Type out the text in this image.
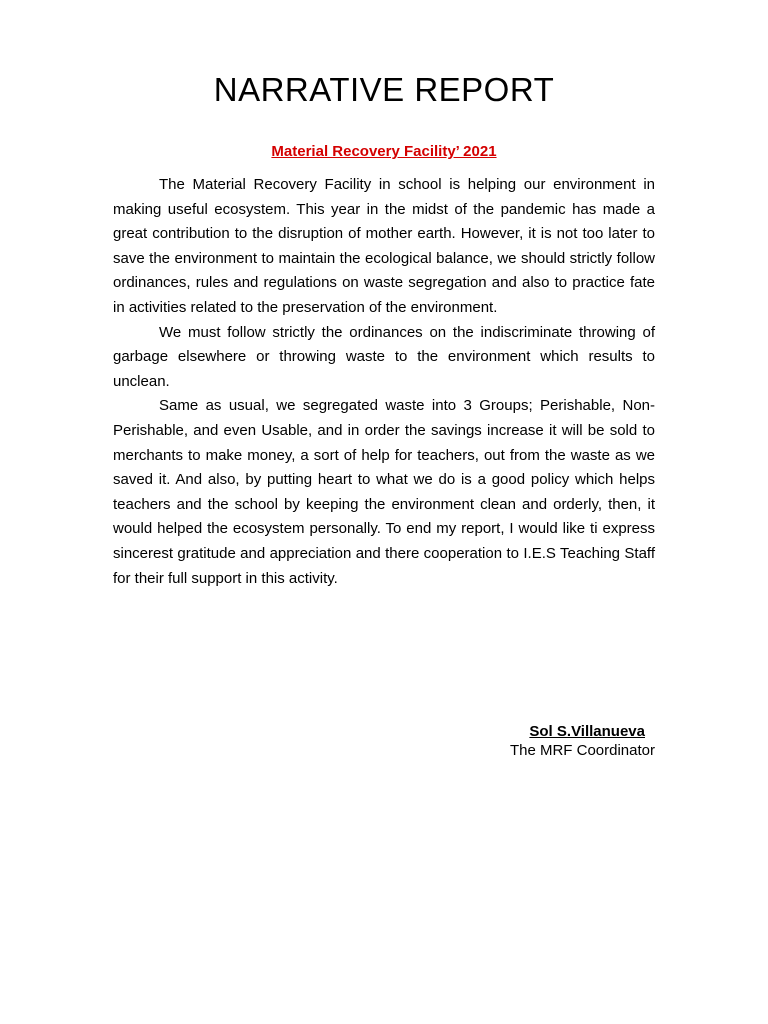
NARRATIVE REPORT
Material Recovery Facility’ 2021

The Material Recovery Facility in school is helping our environment in making useful ecosystem. This year in the midst of the pandemic has made a great contribution to the disruption of mother earth. However, it is not too later to save the environment to maintain the ecological balance, we should strictly follow ordinances, rules and regulations on waste segregation and also to practice fate in activities related to the preservation of the environment.

We must follow strictly the ordinances on the indiscriminate throwing of garbage elsewhere or throwing waste to the environment which results to unclean.

Same as usual, we segregated waste into 3 Groups; Perishable, Non-Perishable, and even Usable, and in order the savings increase it will be sold to merchants to make money, a sort of help for teachers, out from the waste as we saved it. And also, by putting heart to what we do is a good policy which helps teachers and the school by keeping the environment clean and orderly, then, it would helped the ecosystem personally. To end my report, I would like ti express sincerest gratitude and appreciation and there cooperation to I.E.S Teaching Staff for their full support in this activity.

Sol S.Villanueva
The MRF Coordinator
